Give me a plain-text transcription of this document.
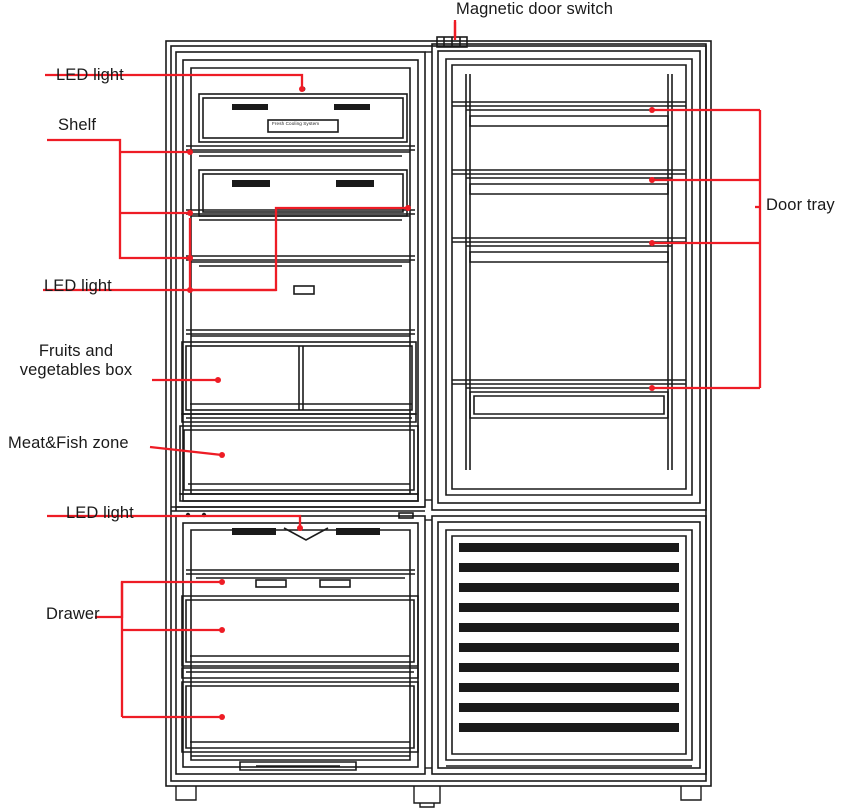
Magnetic door switch
LED light
Shelf
LED light
Fruits and
vegetables box
Meat&Fish zone
LED light
Drawer
Door tray
Fresh Cooling System
